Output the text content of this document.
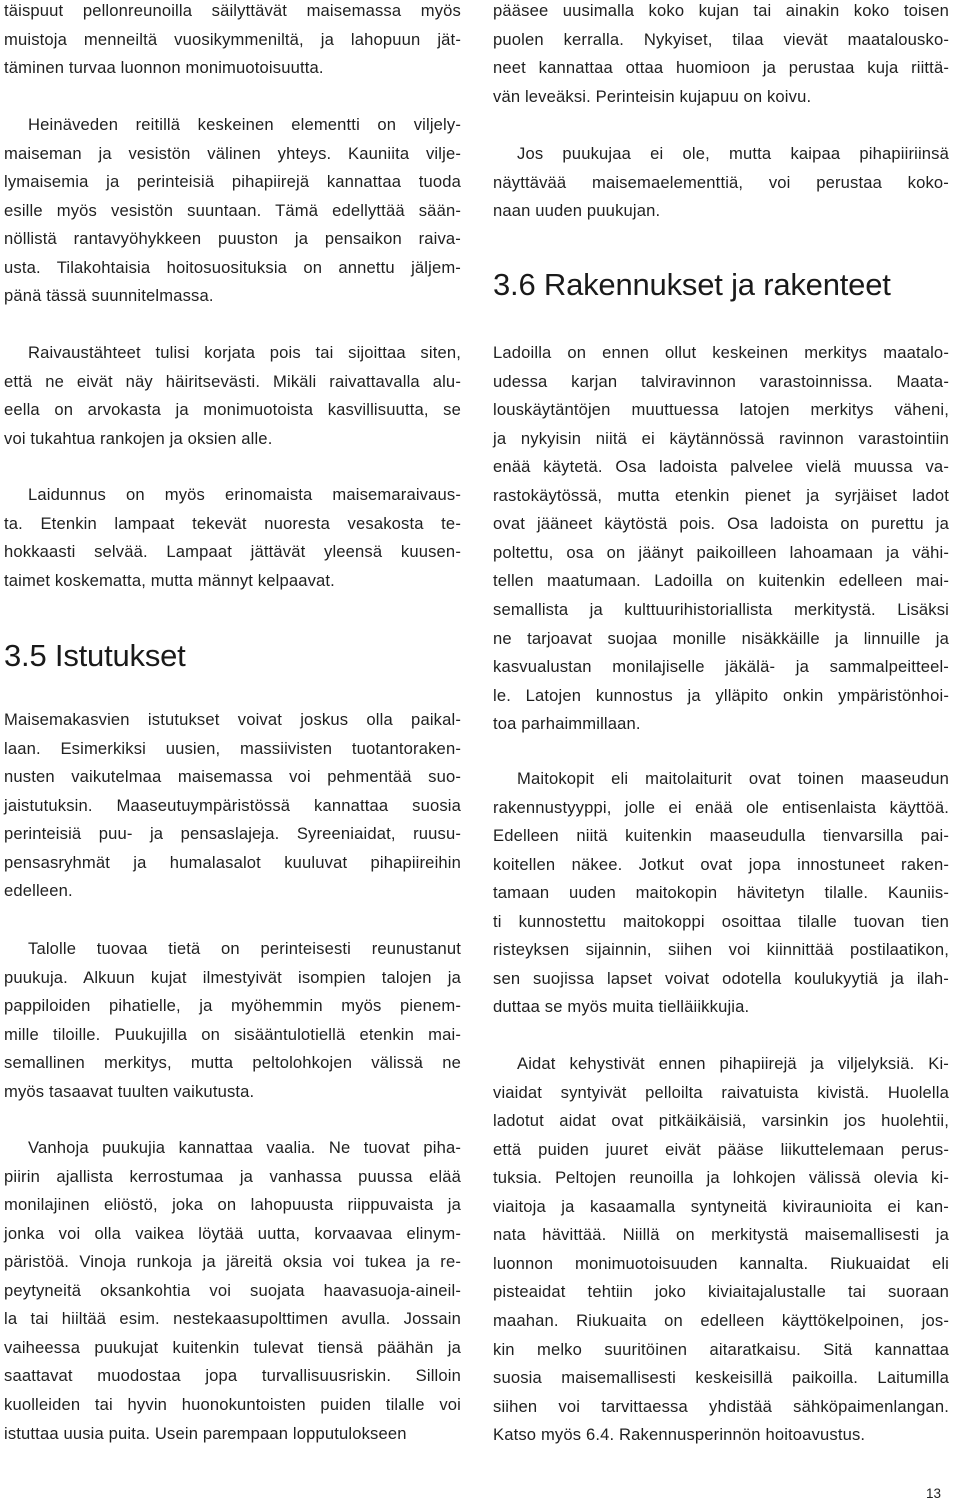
täispuut pellonreunoilla säilyttävät maisemassa myös
muistoja menneiltä vuosikymmeniltä, ja lahopuun jät-
täminen turvaa luonnon monimuotoisuutta.
Heinäveden reitillä keskeinen elementti on viljely-
maiseman ja vesistön välinen yhteys. Kauniita vilje-
lymaisemia ja perinteisiä pihapiirejä kannattaa tuoda
esille myös vesistön suuntaan. Tämä edellyttää sään-
nöllistä rantavyöhykkeen puuston ja pensaikon raiva-
usta. Tilakohtaisia hoitosuosituksia on annettu jäljem-
pänä tässä suunnitelmassa.
Raivaustähteet tulisi korjata pois tai sijoittaa siten,
että ne eivät näy häiritsevästi. Mikäli raivattavalla alu-
eella on arvokasta ja monimuotoista kasvillisuutta, se
voi tukahtua rankojen ja oksien alle.
Laidunnus on myös erinomaista maisemaraivaus-
ta. Etenkin lampaat tekevät nuoresta vesakosta te-
hokkaasti selvää. Lampaat jättävät yleensä kuusen-
taimet koskematta, mutta männyt kelpaavat.
3.5 Istutukset
Maisemakasvien istutukset voivat joskus olla paikal-
laan. Esimerkiksi uusien, massiivisten tuotantoraken-
nusten vaikutelmaa maisemassa voi pehmentää suo-
jaistutuksin. Maaseutuympäristössä kannattaa suosia
perinteisiä puu- ja pensaslajeja. Syreeniaidat, ruusu-
pensasryhmät ja humalasalot kuuluvat pihapiireihin
edelleen.
Talolle tuovaa tietä on perinteisesti reunustanut
puukuja. Alkuun kujat ilmestyivät isompien talojen ja
pappiloiden pihatielle, ja myöhemmin myös pienem-
mille tiloille. Puukujilla on sisääntulotiellä etenkin mai-
semallinen merkitys, mutta peltolohkojen välissä ne
myös tasaavat tuulten vaikutusta.
Vanhoja puukujia kannattaa vaalia. Ne tuovat piha-
piirin ajallista kerrostumaa ja vanhassa puussa elää
monilajinen eliöstö, joka on lahopuusta riippuvaista ja
jonka voi olla vaikea löytää uutta, korvaavaa elinym-
päristöä. Vinoja runkoja ja järeitä oksia voi tukea ja re-
peytyneitä oksankohtia voi suojata haavasuoja-aineil-
la tai hiiltää esim. nestekaasupolttimen avulla. Jossain
vaiheessa puukujat kuitenkin tulevat tiensä päähän ja
saattavat muodostaa jopa turvallisuusriskin. Silloin
kuolleiden tai hyvin huonokuntoisten puiden tilalle voi
istuttaa uusia puita. Usein parempaan lopputulokseen
pääsee uusimalla koko kujan tai ainakin koko toisen
puolen kerralla. Nykyiset, tilaa vievät maatalousko-
neet kannattaa ottaa huomioon ja perustaa kuja riittä-
vän leveäksi. Perinteisin kujapuu on koivu.
Jos puukujaa ei ole, mutta kaipaa pihapiiriinsä
näyttävää maisemaelementtiä, voi perustaa koko-
naan uuden puukujan.
3.6 Rakennukset ja rakenteet
Ladoilla on ennen ollut keskeinen merkitys maatalo-
udessa karjan talviravinnon varastoinnissa. Maata-
louskäytäntöjen muuttuessa latojen merkitys väheni,
ja nykyisin niitä ei käytännössä ravinnon varastointiin
enää käytetä. Osa ladoista palvelee vielä muussa va-
rastokäytössä, mutta etenkin pienet ja syrjäiset ladot
ovat jääneet käytöstä pois. Osa ladoista on purettu ja
poltettu, osa on jäänyt paikoilleen lahoamaan ja vähi-
tellen maatumaan. Ladoilla on kuitenkin edelleen mai-
semallista ja kulttuurihistoriallista merkitystä. Lisäksi
ne tarjoavat suojaa monille nisäkkäille ja linnuille ja
kasvualustan monilajiselle jäkälä- ja sammalpeitteel-
le. Latojen kunnostus ja ylläpito onkin ympäristönhoi-
toa parhaimmillaan.
Maitokopit eli maitolaiturit ovat toinen maaseudun
rakennustyyppi, jolle ei enää ole entisenlaista käyttöä.
Edelleen niitä kuitenkin maaseudulla tienvarsilla pai-
koitellen näkee. Jotkut ovat jopa innostuneet raken-
tamaan uuden maitokopin hävitetyn tilalle. Kauniis-
ti kunnostettu maitokoppi osoittaa tilalle tuovan tien
risteyksen sijainnin, siihen voi kiinnittää postilaatikon,
sen suojissa lapset voivat odotella koulukyytiä ja ilah-
duttaa se myös muita tielläiikkujia.
Aidat kehystivät ennen pihapiirejä ja viljelyksiä. Ki-
viaidat syntyivät pelloilta raivatuista kivistä. Huolella
ladotut aidat ovat pitkäikäisiä, varsinkin jos huolehtii,
että puiden juuret eivät pääse liikuttelemaan perus-
tuksia. Peltojen reunoilla ja lohkojen välissä olevia ki-
viaitoja ja kasaamalla syntyneitä kiviraunioita ei kan-
nata hävittää. Niillä on merkitystä maisemallisesti ja
luonnon monimuotoisuuden kannalta. Riukuaidat eli
pisteaidat tehtiin joko kiviaitajalustalle tai suoraan
maahan. Riukuaita on edelleen käyttökelpoinen, jos-
kin melko suuritöinen aitaratkaisu. Sitä kannattaa
suosia maisemallisesti keskeisillä paikoilla. Laitumilla
siihen voi tarvittaessa yhdistää sähköpaimenlangan.
Katso myös 6.4. Rakennusperinnön hoitoavustus.
13
